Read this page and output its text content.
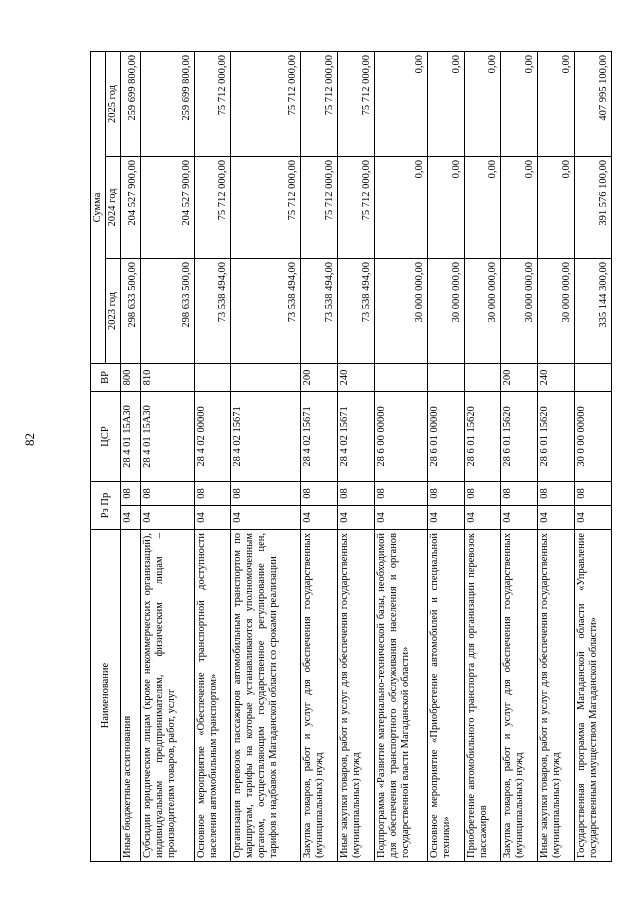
82
Наименование	Рз Пр		ЦСР	ВР	Сумма		
					2023 год	2024 год	2025 год
Иные бюджетные ассигнования	04	08	28 4 01 15А30	800	298 633 500,00	204 527 900,00	259 699 800,00
Субсидии юридическим лицам (кроме некоммерческих организаций), индивидуальным предпринимателям, физическим лицам – производителям товаров, работ, услуг	04	08	28 4 01 15А30	810	298 633 500,00	204 527 900,00	259 699 800,00
Основное мероприятие «Обеспечение транспортной доступности населения автомобильным транспортом»	04	08	28 4 02 00000		73 538 494,00	75 712 000,00	75 712 000,00
Организация перевозок пассажиров автомобильным транспортом по маршрутам, тарифы на которые устанавливаются уполномоченным органом, осуществляющим государственное регулирование цен, тарифов и надбавок в Магаданской области со сроками реализации	04	08	28 4 02 15671		73 538 494,00	75 712 000,00	75 712 000,00
Закупка товаров, работ и услуг для обеспечения государственных (муниципальных) нужд	04	08	28 4 02 15671	200	73 538 494,00	75 712 000,00	75 712 000,00
Иные закупки товаров, работ и услуг для обеспечения государственных (муниципальных) нужд	04	08	28 4 02 15671	240	73 538 494,00	75 712 000,00	75 712 000,00
Подпрограмма «Развитие материально-технической базы, необходимой для обеспечения транспортного обслуживания населения и органов государственной власти Магаданской области»	04	08	28 6 00 00000		30 000 000,00	0,00	0,00
Основное мероприятие «Приобретение автомобилей и специальной техники»	04	08	28 6 01 00000		30 000 000,00	0,00	0,00
Приобретение автомобильного транспорта для организации перевозок пассажиров	04	08	28 6 01 15620		30 000 000,00	0,00	0,00
Закупка товаров, работ и услуг для обеспечения государственных (муниципальных) нужд	04	08	28 6 01 15620	200	30 000 000,00	0,00	0,00
Иные закупки товаров, работ и услуг для обеспечения государственных (муниципальных) нужд	04	08	28 6 01 15620	240	30 000 000,00	0,00	0,00
Государственная программа Магаданской области «Управление государственным имуществом Магаданской области»	04	08	30 0 00 00000		335 144 300,00	391 576 100,00	407 995 100,00
